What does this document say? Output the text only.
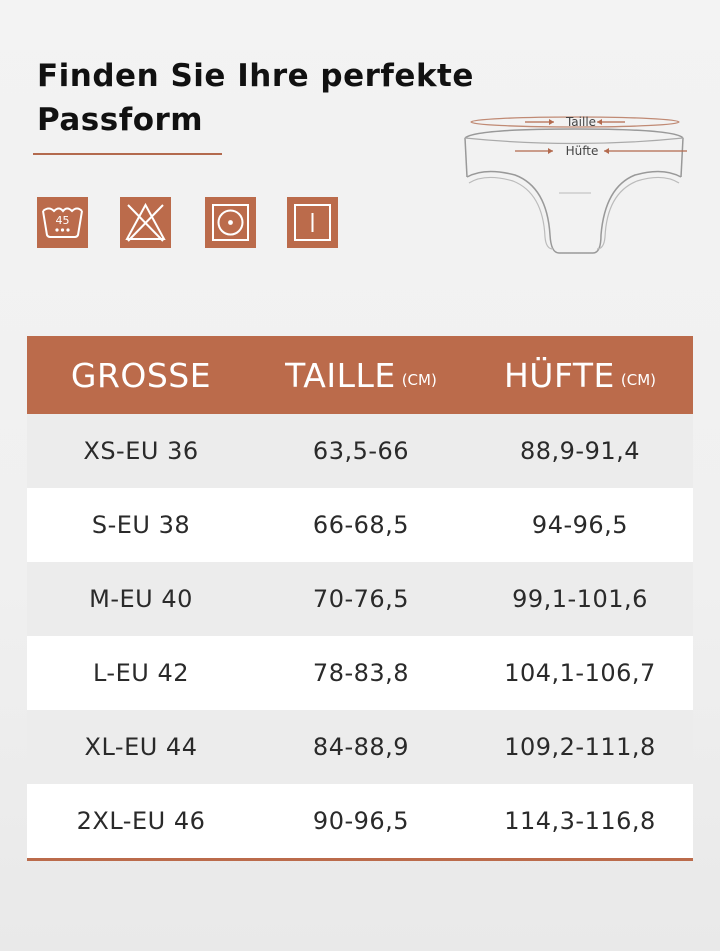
Finden Sie Ihre perfekte
Passform
45
Taille
Hüfte
GROSSE TAILLE (CM) HÜFTE (CM)
XS-EU 36	63,5-66	88,9-91,4
S-EU 38	66-68,5	94-96,5
M-EU 40	70-76,5	99,1-101,6
L-EU 42	78-83,8	104,1-106,7
XL-EU 44	84-88,9	109,2-111,8
2XL-EU 46	90-96,5	114,3-116,8
